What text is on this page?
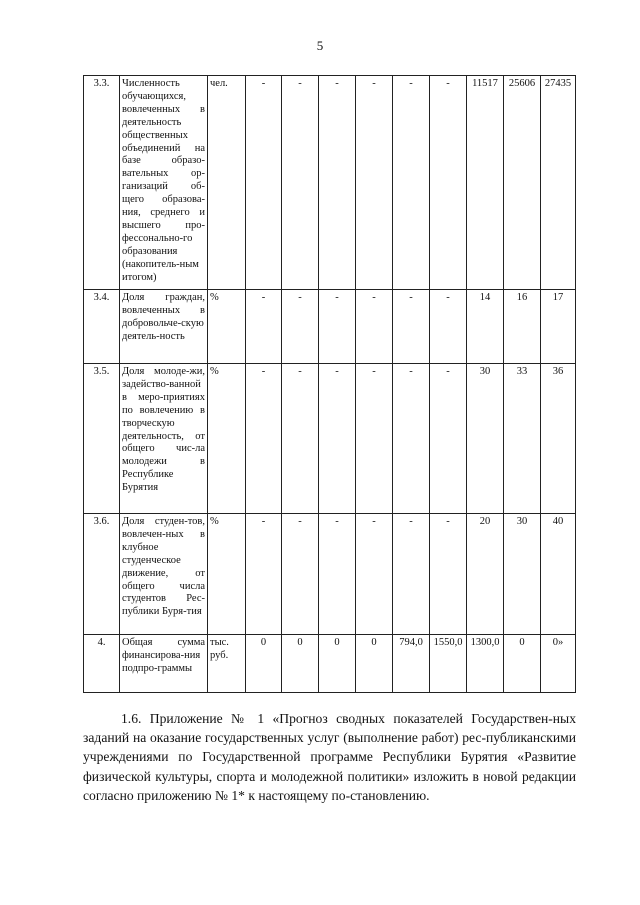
5
3.3.	Численность обучающихся, вовлеченных в деятельность общественных объединений на базе образо-вательных ор-ганизаций об-щего образова-ния, среднего и высшего про-фессонально-го образования (накопитель-ным итогом)	чел.	-	-	-	-	-	-	11517	25606	27435
3.4.	Доля граждан, вовлеченных в добровольче-скую деятель-ность	%	-	-	-	-	-	-	14	16	17
3.5.	Доля молоде-жи, задейство-ванной в меро-приятиях по вовлечению в творческую деятельность, от общего чис-ла молодежи в Республике Бурятия	%	-	-	-	-	-	-	30	33	36
3.6.	Доля студен-тов, вовлечен-ных в клубное студенческое движение, от общего числа студентов Рес-публики Буря-тия	%	-	-	-	-	-	-	20	30	40
4.	Общая сумма финансирова-ния подпро-граммы	тыс. руб.	0	0	0	0	794,0	1550,0	1300,0	0	0»

1.6. Приложение № 1 «Прогноз сводных показателей Государствен-ных заданий на оказание государственных услуг (выполнение работ) рес-публиканскими учреждениями по Государственной программе Республики Бурятия «Развитие физической культуры, спорта и молодежной политики» изложить в новой редакции согласно приложению № 1* к настоящему по-становлению.
